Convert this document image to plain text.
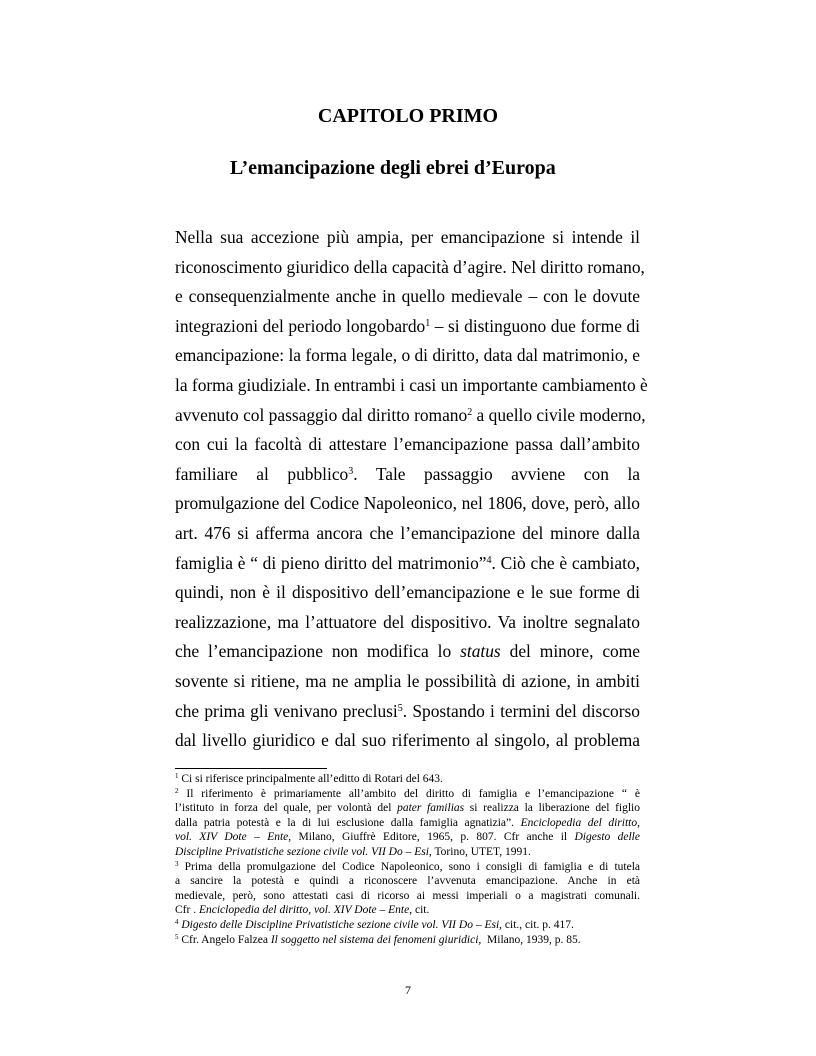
CAPITOLO PRIMO
L’emancipazione degli ebrei d’Europa
Nella sua accezione più ampia, per emancipazione si intende il
riconoscimento giuridico della capacità d’agire. Nel diritto romano,
e consequenzialmente anche in quello medievale – con le dovute
integrazioni del periodo longobardo$^1$ – si distinguono due forme di
emancipazione: la forma legale, o di diritto, data dal matrimonio, e
la forma giudiziale. In entrambi i casi un importante cambiamento è
avvenuto col passaggio dal diritto romano$^2$ a quello civile moderno,
con cui la facoltà di attestare l’emancipazione passa dall’ambito
familiare   al   pubblico$^3$.   Tale   passaggio   avviene   con   la
promulgazione del Codice Napoleonico, nel 1806, dove, però, allo
art. 476 si afferma ancora che l’emancipazione del minore dalla
famiglia è “ di pieno diritto del matrimonio”$^4$. Ciò che è cambiato,
quindi, non è il dispositivo dell’emancipazione e le sue forme di
realizzazione, ma l’attuatore del dispositivo. Va inoltre segnalato
che l’emancipazione non modifica lo status del minore, come
sovente si ritiene, ma ne amplia le possibilità di azione, in ambiti
che prima gli venivano preclusi$^5$. Spostando i termini del discorso
dal livello giuridico e dal suo riferimento al singolo, al problema
$^1$ Ci si riferisce principalmente all’editto di Rotari del 643.
$^2$ Il riferimento è primariamente all’ambito del diritto di famiglia e l’emancipazione “ è
l’istituto in forza del quale, per volontà del pater familias si realizza la liberazione del figlio
dalla patria potestà e la di lui esclusione dalla famiglia agnatizia”. Enciclopedia del diritto,
vol. XIV Dote – Ente, Milano, Giuffrè Editore, 1965, p. 807. Cfr anche il Digesto delle
Discipline Privatistiche sezione civile vol. VII Do – Esi, Torino, UTET, 1991.
$^3$ Prima della promulgazione del Codice Napoleonico, sono i consigli di famiglia e di tutela
a sancire la potestà e quindi a riconoscere l’avvenuta emancipazione. Anche in età
medievale, però, sono attestati casi di ricorso ai messi imperiali o a magistrati comunali.
Cfr . Enciclopedia del diritto, vol. XIV Dote – Ente, cit.
$^4$ Digesto delle Discipline Privatistiche sezione civile vol. VII Do – Esi, cit., cit. p. 417.
$^5$ Cfr. Angelo Falzea Il soggetto nel sistema dei fenomeni giuridici,  Milano, 1939, p. 85.
7
